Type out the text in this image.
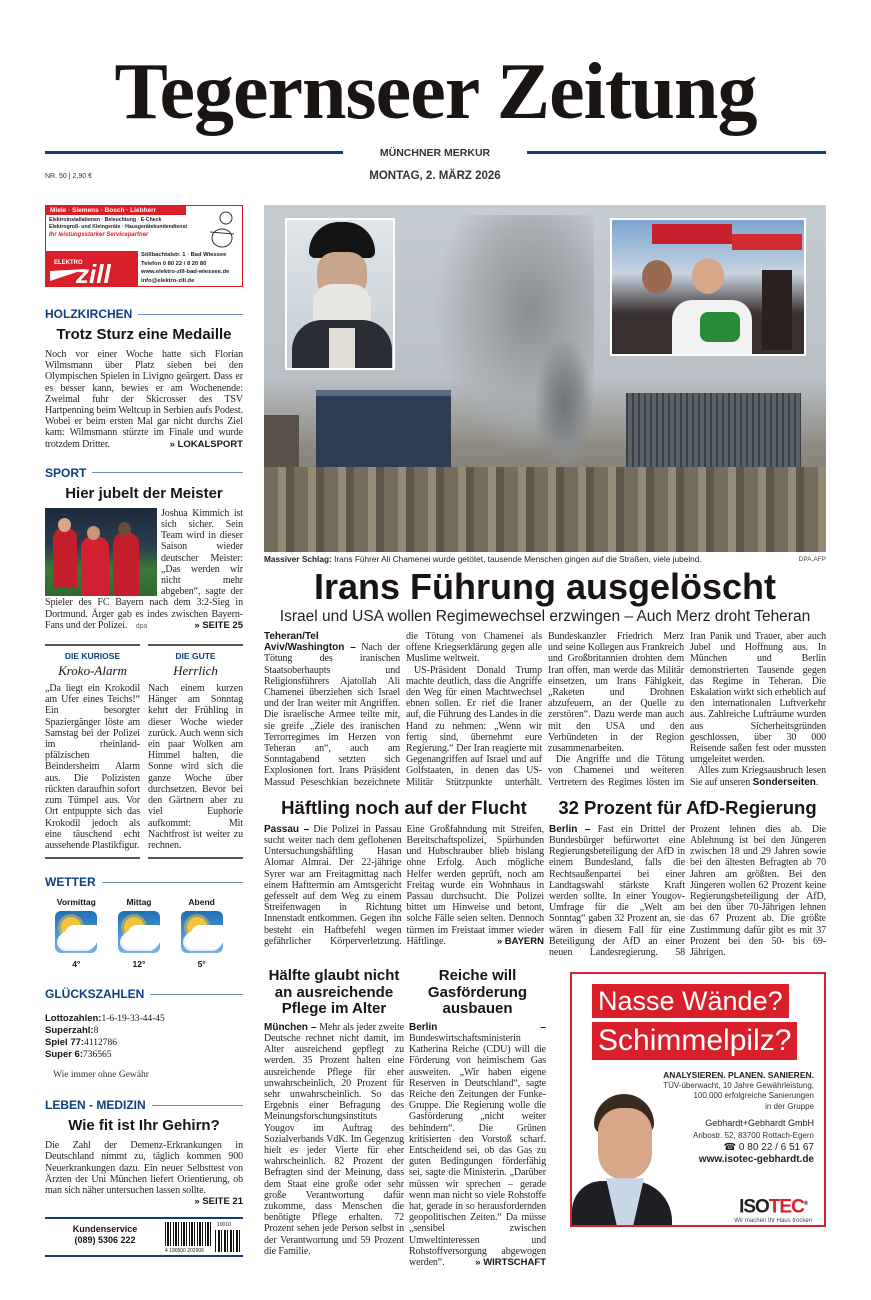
Tegernseer Zeitung
MÜNCHNER MERKUR
MONTAG, 2. MÄRZ 2026
NR. 50 | 2,90 €
Miele · Siemens · Bosch · Liebherr
Elektroinstallationen · Beleuchtung · E-Check
Elektrogroß- und Kleingeräte · Hausgerätekundendienst
Ihr leistungsstarker Servicepartner
ELEKTRO
zill
Söllbachtalstr. 1 · Bad Wiessee
Telefon 0 80 22 / 8 20 80
www.elektro-zill-bad-wiessee.de
info@elektro-zill.de
HOLZKIRCHEN
Trotz Sturz eine Medaille
Noch vor einer Woche hatte sich Florian Wilmsmann über Platz sieben bei den Olympischen Spielen in Livigno geärgert. Dass er es besser kann, bewies er am Wochenende: Zweimal fuhr der Skicrosser des TSV Hartpenning beim Weltcup in Serbien aufs Podest. Wobei er beim ersten Mal gar nicht durchs Ziel kam: Wilmsmann stürzte im Finale und wurde trotzdem Dritter.	» LOKALSPORT
SPORT
Hier jubelt der Meister
Joshua Kimmich ist sich sicher. Sein Team wird in dieser Saison wieder deutscher Meister: „Das werden wir nicht mehr abgeben“, sagte der Spieler des FC Bayern nach dem 3:2-Sieg in Dortmund. Ärger gab es indes zwischen Bayern-Fans und der Polizei. dpa	» SEITE 25
DIE KURIOSE
Kroko-Alarm
„Da liegt ein Krokodil am Ufer eines Teichs!“ Ein besorgter Spaziergänger löste am Samstag bei der Polizei im rheinland-pfälzischen Beindersheim Alarm aus. Die Polizisten rückten daraufhin sofort zum Tümpel aus. Vor Ort entpuppte sich das Krokodil jedoch als eine täuschend echt aussehende Plastikfigur.
DIE GUTE
Herrlich
Nach einem kurzen Hänger am Sonntag kehrt der Frühling in dieser Woche wieder zurück. Auch wenn sich ein paar Wolken am Himmel halten, die Sonne wird sich die ganze Woche über durchsetzen. Bevor bei den Gärtnern aber zu viel Euphorie aufkommt: Mit Nachtfrost ist weiter zu rechnen.
WETTER
Vormittag
4°
Mittag
12°
Abend
5°
GLÜCKSZAHLEN
Lottozahlen:1-6-19-33-44-45
Superzahl:8
Spiel 77:4112786
Super 6:736565
Wie immer ohne Gewähr
LEBEN - MEDIZIN
Wie fit ist Ihr Gehirn?
Die Zahl der Demenz-Erkrankungen in Deutschland nimmt zu, täglich kommen 900 Neuerkrankungen dazu. Ein neuer Selbsttest von Ärzten der Uni München liefert Orientierung, ob man sich näher untersuchen lassen sollte.
» SEITE 21
Kundenservice
(089) 5306 222
10010
4 190500 202906
DPA,AFP
Massiver Schlag: Irans Führer Ali Chamenei wurde getötet, tausende Menschen gingen auf die Straßen, viele jubelnd.
Irans Führung ausgelöscht
Israel und USA wollen Regimewechsel erzwingen – Auch Merz droht Teheran

Teheran/Tel Aviv/Washington – Nach der Tötung des iranischen Staatsoberhaupts und Religionsführers Ajatollah Ali Chamenei überziehen sich Israel und der Iran weiter mit Angriffen. Die israelische Armee teilte mit, sie greife „Ziele des iranischen Terrorregimes im Herzen von Teheran an“, auch am Sonntagabend setzten sich Explosionen fort. Irans Präsident Massud Peseschkian bezeichnete die Tötung von Chamenei als offene Kriegserklärung gegen alle Muslime weltweit.

US-Präsident Donald Trump machte deutlich, dass die Angriffe den Weg für einen Machtwechsel ebnen sollen. Er rief die Iraner auf, die Führung des Landes in die Hand zu nehmen: „Wenn wir fertig sind, übernehmt eure Regierung.“ Der Iran reagierte mit Gegenangriffen auf Israel und auf Golfstaaten, in denen das US-Militär Stützpunkte unterhält. Bundeskanzler Friedrich Merz und seine Kollegen aus Frankreich und Großbritannien drohten dem Iran offen, man werde das Militär einsetzen, um Irans Fähigkeit, „Raketen und Drohnen abzufeuern, an der Quelle zu zerstören“. Dazu werde man auch mit den USA und den Verbündeten in der Region zusammenarbeiten.

Die Angriffe und die Tötung von Chamenei und weiteren Vertretern des Regimes lösten im Iran Panik und Trauer, aber auch Jubel und Hoffnung aus. In München und Berlin demonstrierten Tausende gegen das Regime in Teheran. Die Eskalation wirkt sich erheblich auf den internationalen Luftverkehr aus. Zahlreiche Lufträume wurden aus Sicherheitsgründen geschlossen, über 30 000 Reisende saßen fest oder mussten umgeleitet werden.

Alles zum Kriegsausbruch lesen Sie auf unseren Sonderseiten.

Häftling noch auf der Flucht
Passau – Die Polizei in Passau sucht weiter nach dem geflohenen Untersuchungshäftling Hasan Alomar Almrai. Der 22-jährige Syrer war am Freitagmittag nach einem Hafttermin am Amtsgericht gefesselt auf dem Weg zu einem Streifenwagen in Richtung Innenstadt entkommen. Gegen ihn besteht ein Haftbefehl wegen gefährlicher Körperverletzung. Eine Großfahndung mit Streifen, Bereitschaftspolizei, Spürhunden und Hubschrauber blieb bislang ohne Erfolg. Auch mögliche Helfer werden geprüft, noch am Freitag wurde ein Wohnhaus in Passau durchsucht. Die Polizei bittet um Hinweise und betont, solche Fälle seien selten. Dennoch türmen im Freistaat immer wieder Häftlinge.	» BAYERN
32 Prozent für AfD-Regierung
Berlin – Fast ein Drittel der Bundesbürger befürwortet eine Regierungsbeteiligung der AfD in einem Bundesland, falls die Rechtsaußenpartei bei einer Landtagswahl stärkste Kraft werden sollte. In einer Yougov-Umfrage für die „Welt am Sonntag“ gaben 32 Prozent an, sie wären in diesem Fall für eine Beteiligung der AfD an einer neuen Landesregierung. 58 Prozent lehnen dies ab. Die Ablehnung ist bei den Jüngeren zwischen 18 und 29 Jahren sowie bei den ältesten Befragten ab 70 Jahren am größten. Bei den Jüngeren wollen 62 Prozent keine Regierungsbeteiligung der AfD, bei den über 70-Jährigen lehnen das 67 Prozent ab. Die größte Zustimmung dafür gibt es mit 37 Prozent bei den 50- bis 69-Jährigen.
Hälfte glaubt nicht an ausreichende Pflege im Alter
München – Mehr als jeder zweite Deutsche rechnet nicht damit, im Alter ausreichend gepflegt zu werden. 35 Prozent halten eine ausreichende Pflege für eher unwahrscheinlich, 20 Prozent für sehr unwahrscheinlich. So das Ergebnis einer Befragung des Meinungsforschungsinstituts Yougov im Auftrag des Sozialverbands VdK. Im Gegenzug hielt es jeder Vierte für eher wahrscheinlich. 82 Prozent der Befragten sind der Meinung, dass dem Staat eine große oder sehr große Verantwortung dafür zukomme, dass Menschen die benötigte Pflege erhalten. 72 Prozent sehen jede Person selbst in der Verantwortung und 59 Prozent die Familie.
Reiche will Gasförderung ausbauen
Berlin – Bundeswirtschaftsministerin Katherina Reiche (CDU) will die Förderung von heimischem Gas ausweiten. „Wir haben eigene Reserven in Deutschland“, sagte Reiche den Zeitungen der Funke-Gruppe. Die Regierung wolle die Gasförderung „nicht weiter behindern“. Die Grünen kritisierten den Vorstoß scharf. Entscheidend sei, ob das Gas zu guten Bedingungen förderfähig sei, sagte die Ministerin. „Darüber müssen wir sprechen – gerade wenn man nicht so viele Rohstoffe hat, gerade in so herausfordernden geopolitischen Zeiten.“ Da müsse „sensibel zwischen Umweltinteressen und Rohstoffversorgung abgewogen werden“.	» WIRTSCHAFT
Nasse Wände?
Schimmelpilz?
ANALYSIEREN. PLANEN. SANIEREN.
TÜV-überwacht, 10 Jahre Gewährleistung,
100.000 erfolgreiche Sanierungen
in der Gruppe
Gebhardt+Gebhardt GmbH
Aribostr. 52, 83700 Rottach-Egern
☎ 0 80 22 / 6 51 67
www.isotec-gebhardt.de
ISOTEC®
Wir machen Ihr Haus trocken
